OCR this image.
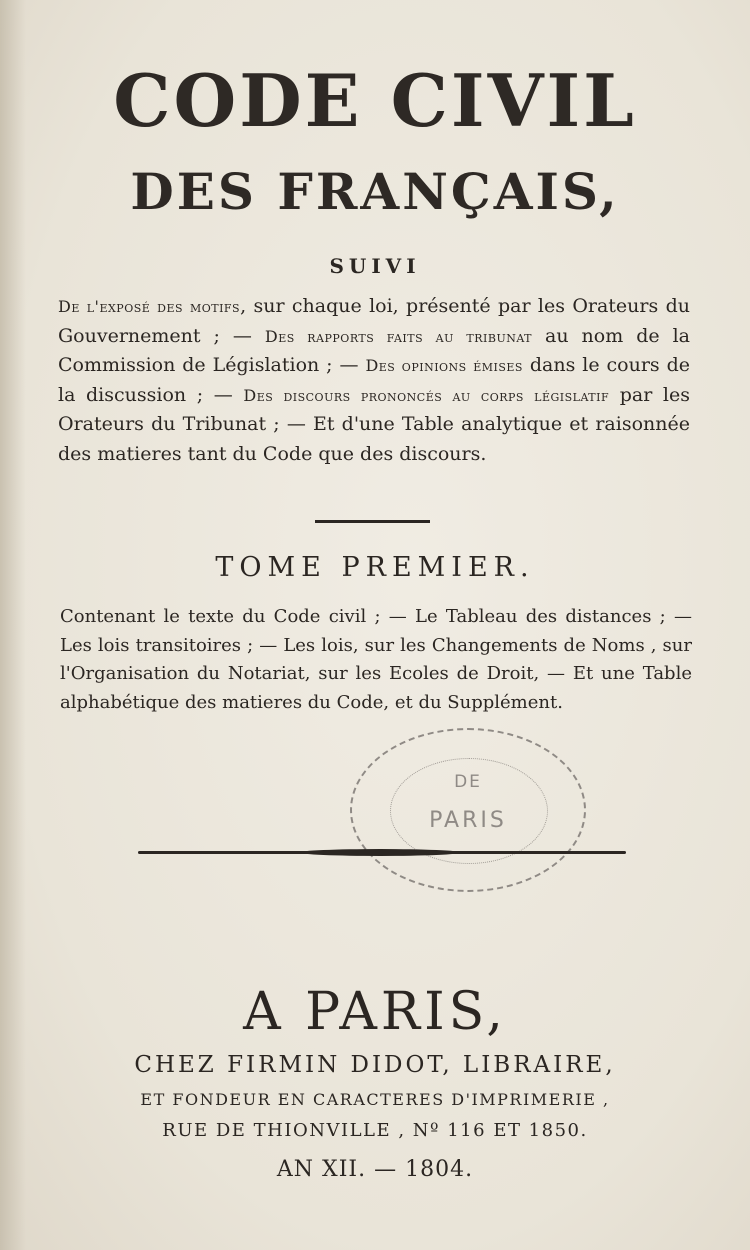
CODE CIVIL
DES FRANÇAIS,
SUIVI
De l'exposé des motifs, sur chaque loi, présenté par les Orateurs du Gouvernement ; — Des rapports faits au tribunat au nom de la Commission de Législation ; — Des opinions émises dans le cours de la discussion ; — Des discours prononcés au corps législatif par les Orateurs du Tribunat ; — Et d'une Table analytique et raisonnée des matieres tant du Code que des discours.
TOME PREMIER.
Contenant le texte du Code civil ; — Le Tableau des distances ; — Les lois transitoires ; — Les lois, sur les Changements de Noms , sur l'Organisation du Notariat, sur les Ecoles de Droit, — Et une Table alphabétique des matieres du Code, et du Supplément.
DE
PARIS
A PARIS,
CHEZ FIRMIN DIDOT, LIBRAIRE,
ET FONDEUR EN CARACTERES D'IMPRIMERIE ,
RUE DE THIONVILLE , Nº 116 ET 1850.
AN XII. — 1804.
